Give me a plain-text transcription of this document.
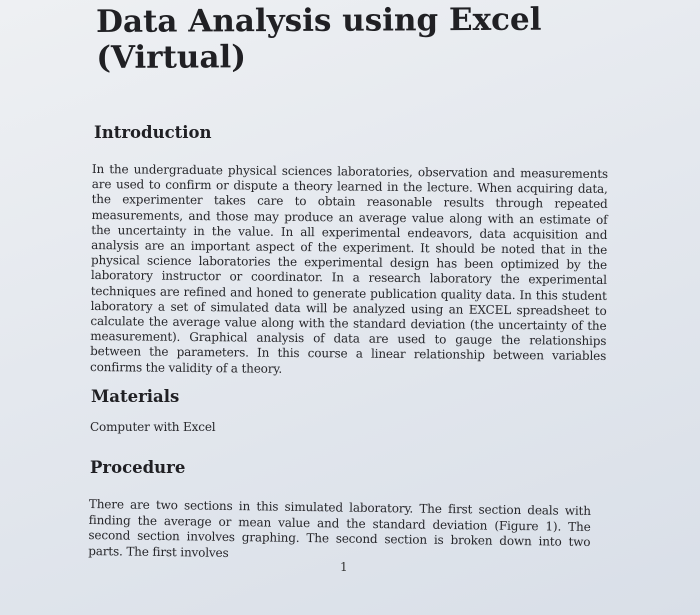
Data Analysis using Excel (Virtual)
Introduction

In the undergraduate physical sciences laboratories, observation and measurements are used to confirm or dispute a theory learned in the lecture. When acquiring data, the experimenter takes care to obtain reasonable results through repeated measurements, and those may produce an average value along with an estimate of the uncertainty in the value. In all experimental endeavors, data acquisition and analysis are an important aspect of the experiment. It should be noted that in the physical science laboratories the experimental design has been optimized by the laboratory instructor or coordinator. In a research laboratory the experimental techniques are refined and honed to generate publication quality data. In this student laboratory a set of simulated data will be analyzed using an EXCEL spreadsheet to calculate the average value along with the standard deviation (the uncertainty of the measurement). Graphical analysis of data are used to gauge the relationships between the parameters. In this course a linear relationship between variables confirms the validity of a theory.

Materials

Computer with Excel

Procedure

There are two sections in this simulated laboratory. The first section deals with finding the average or mean value and the standard deviation (Figure 1). The second section involves graphing. The second section is broken down into two parts. The first involves

1
